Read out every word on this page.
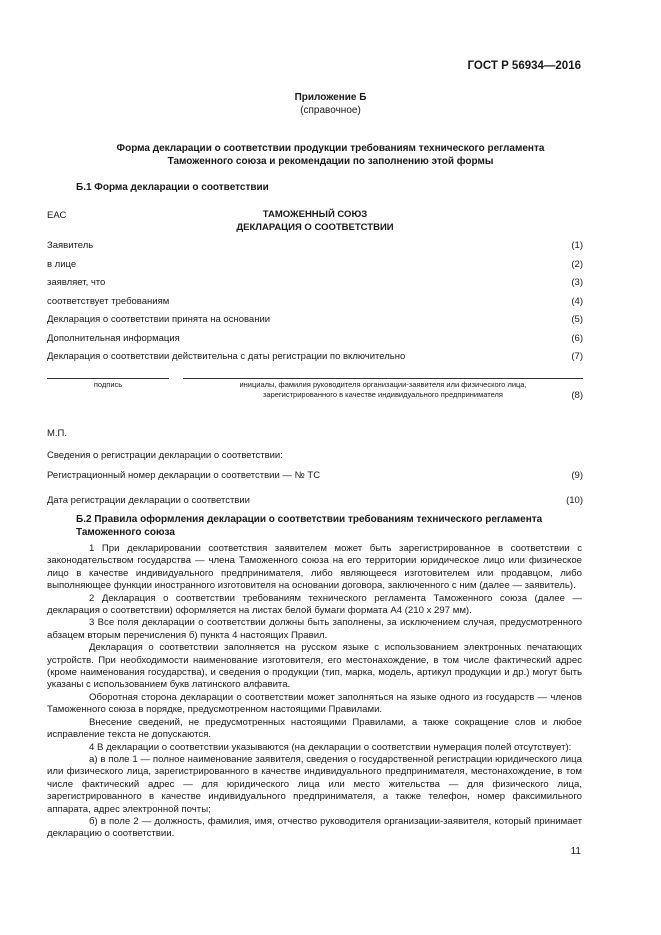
ГОСТ Р 56934—2016
Приложение Б
(справочное)
Форма декларации о соответствии продукции требованиям технического регламента
Таможенного союза и рекомендации по заполнению этой формы
Б.1 Форма декларации о соответствии
ЕАС	ТАМОЖЕННЫЙ СОЮЗ
ДЕКЛАРАЦИЯ О СООТВЕТСТВИИ
Заявитель	(1)
в лице	(2)
заявляет, что	(3)
соответствует требованиям	(4)
Декларация о соответствии принята на основании	(5)
Дополнительная информация	(6)
Декларация о соответствии действительна с даты регистрации по включительно	(7)
подпись	инициалы, фамилия руководителя организации-заявителя или физического лица,
зарегистрированного в качестве индивидуального предпринимателя	(8)
М.П.
Сведения о регистрации декларации о соответствии:
Регистрационный номер декларации о соответствии — № ТС	(9)
Дата регистрации декларации о соответствии	(10)
Б.2 Правила оформления декларации о соответствии требованиям технического регламента
Таможенного союза

1 При декларировании соответствия заявителем может быть зарегистрированное в соответствии с законодательством государства — члена Таможенного союза на его территории юридическое лицо или физическое лицо в качестве индивидуального предпринимателя, либо являющееся изготовителем или продавцом, либо выполняющее функции иностранного изготовителя на основании договора, заключенного с ним (далее — заявитель).

2 Декларация о соответствии требованиям технического регламента Таможенного союза (далее — декларация о соответствии) оформляется на листах белой бумаги формата А4 (210 x 297 мм).

3 Все поля декларации о соответствии должны быть заполнены, за исключением случая, предусмотренного абзацем вторым перечисления б) пункта 4 настоящих Правил.

Декларация о соответствии заполняется на русском языке с использованием электронных печатающих устройств. При необходимости наименование изготовителя, его местонахождение, в том числе фактический адрес (кроме наименования государства), и сведения о продукции (тип, марка, модель, артикул продукции и др.) могут быть указаны с использованием букв латинского алфавита.

Оборотная сторона декларации о соответствии может заполняться на языке одного из государств — членов Таможенного союза в порядке, предусмотренном настоящими Правилами.

Внесение сведений, не предусмотренных настоящими Правилами, а также сокращение слов и любое исправление текста не допускаются.

4 В декларации о соответствии указываются (на декларации о соответствии нумерация полей отсутствует):

а) в поле 1 — полное наименование заявителя, сведения о государственной регистрации юридического лица или физического лица, зарегистрированного в качестве индивидуального предпринимателя, местонахождение, в том числе фактический адрес — для юридического лица или место жительства — для физического лица, зарегистрированного в качестве индивидуального предпринимателя, а также телефон, номер факсимильного аппарата, адрес электронной почты;

б) в поле 2 — должность, фамилия, имя, отчество руководителя организации-заявителя, который принимает декларацию о соответствии.

11
